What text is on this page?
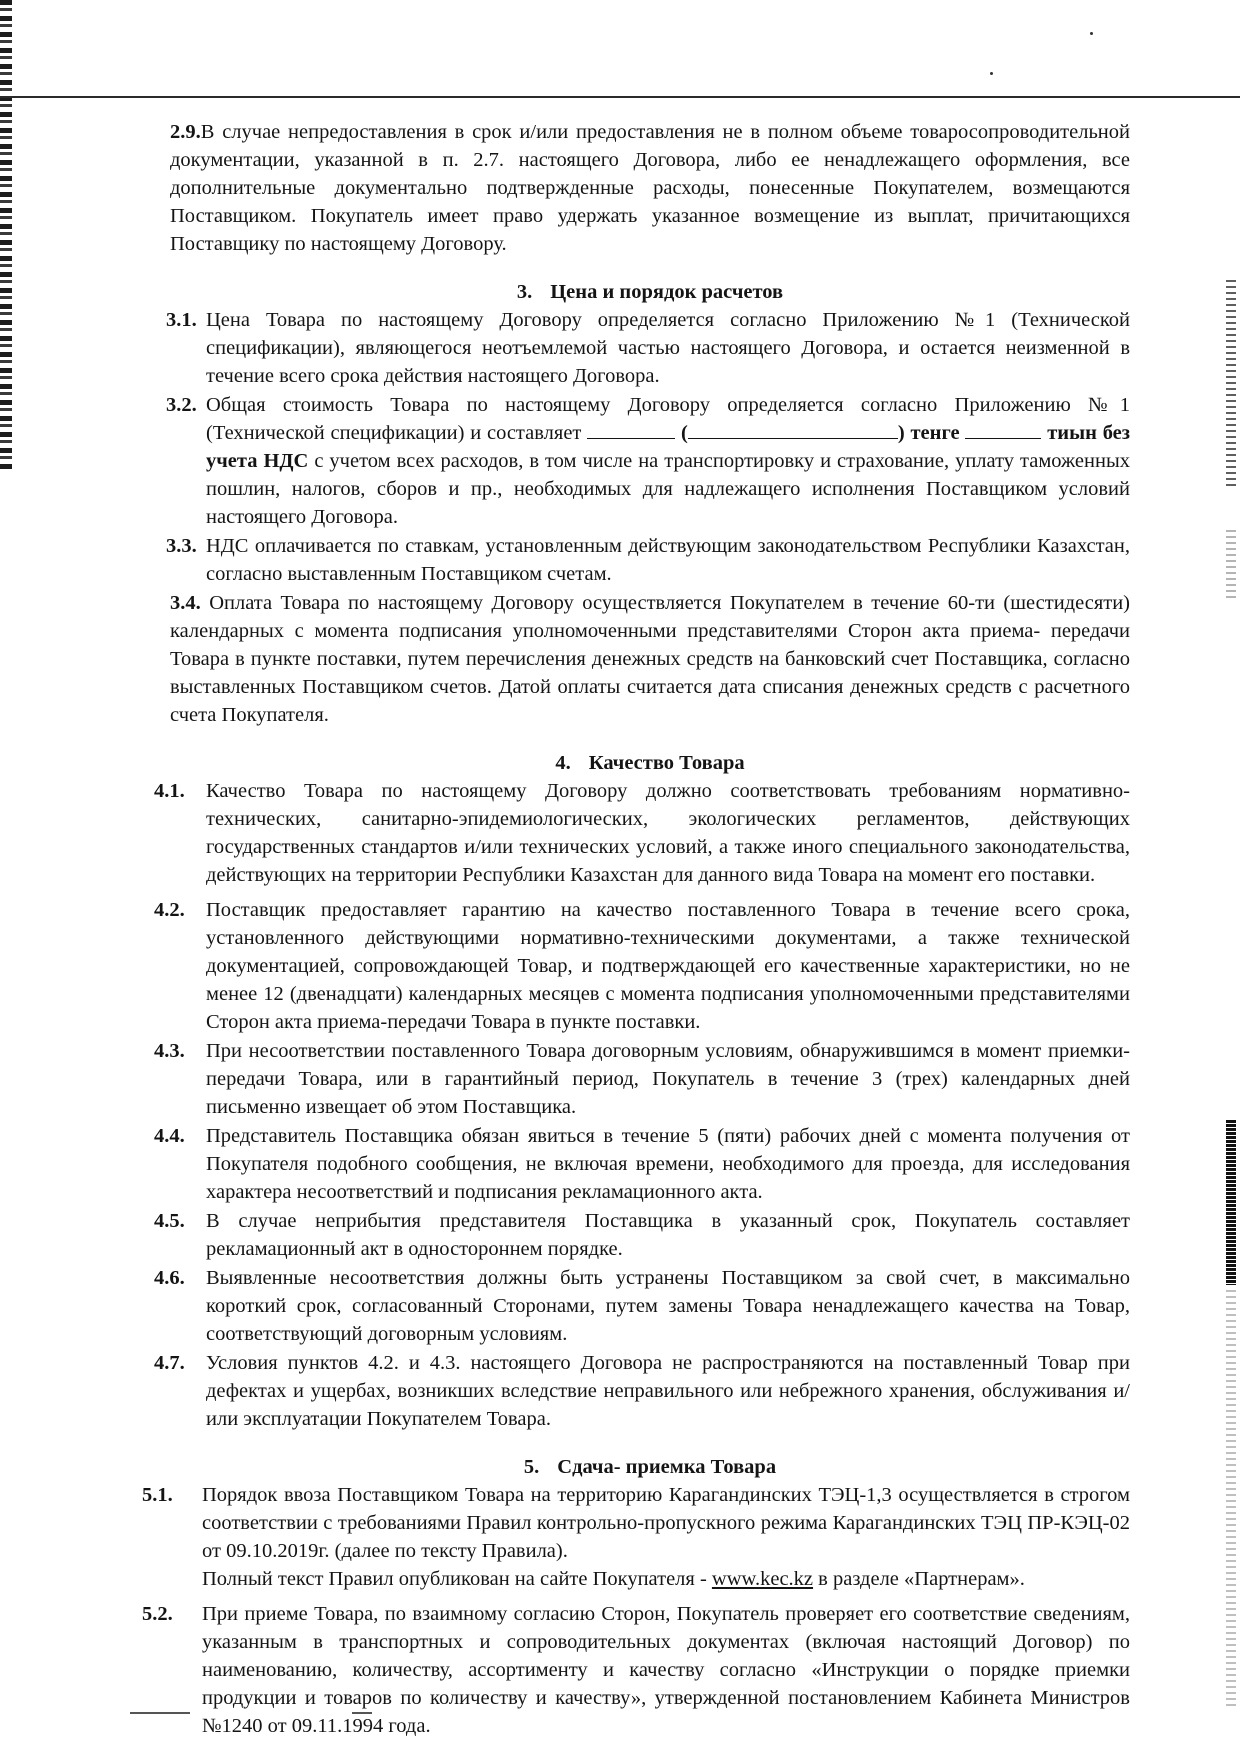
2.9.В случае непредоставления в срок и/или предоставления не в полном объеме товаросопроводительной документации, указанной в п. 2.7. настоящего Договора, либо ее ненадлежащего оформления, все дополнительные документально подтвержденные расходы, понесенные Покупателем, возмещаются Поставщиком. Покупатель имеет право удержать указанное возмещение из выплат, причитающихся Поставщику по настоящему Договору.

3. Цена и порядок расчетов
3.1. Цена Товара по настоящему Договору определяется согласно Приложению №1 (Технической спецификации), являющегося неотъемлемой частью настоящего Договора, и остается неизменной в течение всего срока действия настоящего Договора.
3.2. Общая стоимость Товара по настоящему Договору определяется согласно Приложению №1 (Технической спецификации) и составляет	(	) тенге	тиын без учета НДС с учетом всех расходов, в том числе на транспортировку и страхование, уплату таможенных пошлин, налогов, сборов и пр., необходимых для надлежащего исполнения Поставщиком условий настоящего Договора.
3.3. НДС оплачивается по ставкам, установленным действующим законодательством Республики Казахстан, согласно выставленным Поставщиком счетам.

3.4. Оплата Товара по настоящему Договору осуществляется Покупателем в течение 60-ти (шестидесяти) календарных с момента подписания уполномоченными представителями Сторон акта приема- передачи Товара в пункте поставки, путем перечисления денежных средств на банковский счет Поставщика, согласно выставленных Поставщиком счетов. Датой оплаты считается дата списания денежных средств с расчетного счета Покупателя.

4. Качество Товара
4.1.	Качество Товара по настоящему Договору должно соответствовать требованиям нормативно-технических, санитарно-эпидемиологических, экологических регламентов, действующих государственных стандартов и/или технических условий, а также иного специального законодательства, действующих на территории Республики Казахстан для данного вида Товара на момент его поставки.
4.2.	Поставщик предоставляет гарантию на качество поставленного Товара в течение всего срока, установленного действующими нормативно-техническими документами, а также технической документацией, сопровождающей Товар, и подтверждающей его качественные характеристики, но не менее 12 (двенадцати) календарных месяцев с момента подписания уполномоченными представителями Сторон акта приема-передачи Товара в пункте поставки.
4.3.	При несоответствии поставленного Товара договорным условиям, обнаружившимся в момент приемки-передачи Товара, или в гарантийный период, Покупатель в течение 3 (трех) календарных дней письменно извещает об этом Поставщика.
4.4.	Представитель Поставщика обязан явиться в течение 5 (пяти) рабочих дней с момента получения от Покупателя подобного сообщения, не включая времени, необходимого для проезда, для исследования характера несоответствий и подписания рекламационного акта.
4.5.	В случае неприбытия представителя Поставщика в указанный срок, Покупатель составляет рекламационный акт в одностороннем порядке.
4.6.	Выявленные несоответствия должны быть устранены Поставщиком за свой счет, в максимально короткий срок, согласованный Сторонами, путем замены Товара ненадлежащего качества на Товар, соответствующий договорным условиям.
4.7.	Условия пунктов 4.2. и 4.3. настоящего Договора не распространяются на поставленный Товар при дефектах и ущербах, возникших вследствие неправильного или небрежного хранения, обслуживания и/или эксплуатации Покупателем Товара.
5. Сдача- приемка Товара
5.1.	Порядок ввоза Поставщиком Товара на территорию Карагандинских ТЭЦ-1,3 осуществляется в строгом соответствии с требованиями Правил контрольно-пропускного режима Карагандинских ТЭЦ ПР-КЭЦ-02 от 09.10.2019г. (далее по тексту Правила).
Полный текст Правил опубликован на сайте Покупателя - www.kec.kz в разделе «Партнерам».
5.2.	При приеме Товара, по взаимному согласию Сторон, Покупатель проверяет его соответствие сведениям, указанным в транспортных и сопроводительных документах (включая настоящий Договор) по наименованию, количеству, ассортименту и качеству согласно «Инструкции о порядке приемки продукции и товаров по количеству и качеству», утвержденной постановлением Кабинета Министров №1240 от 09.11.1994 года.
